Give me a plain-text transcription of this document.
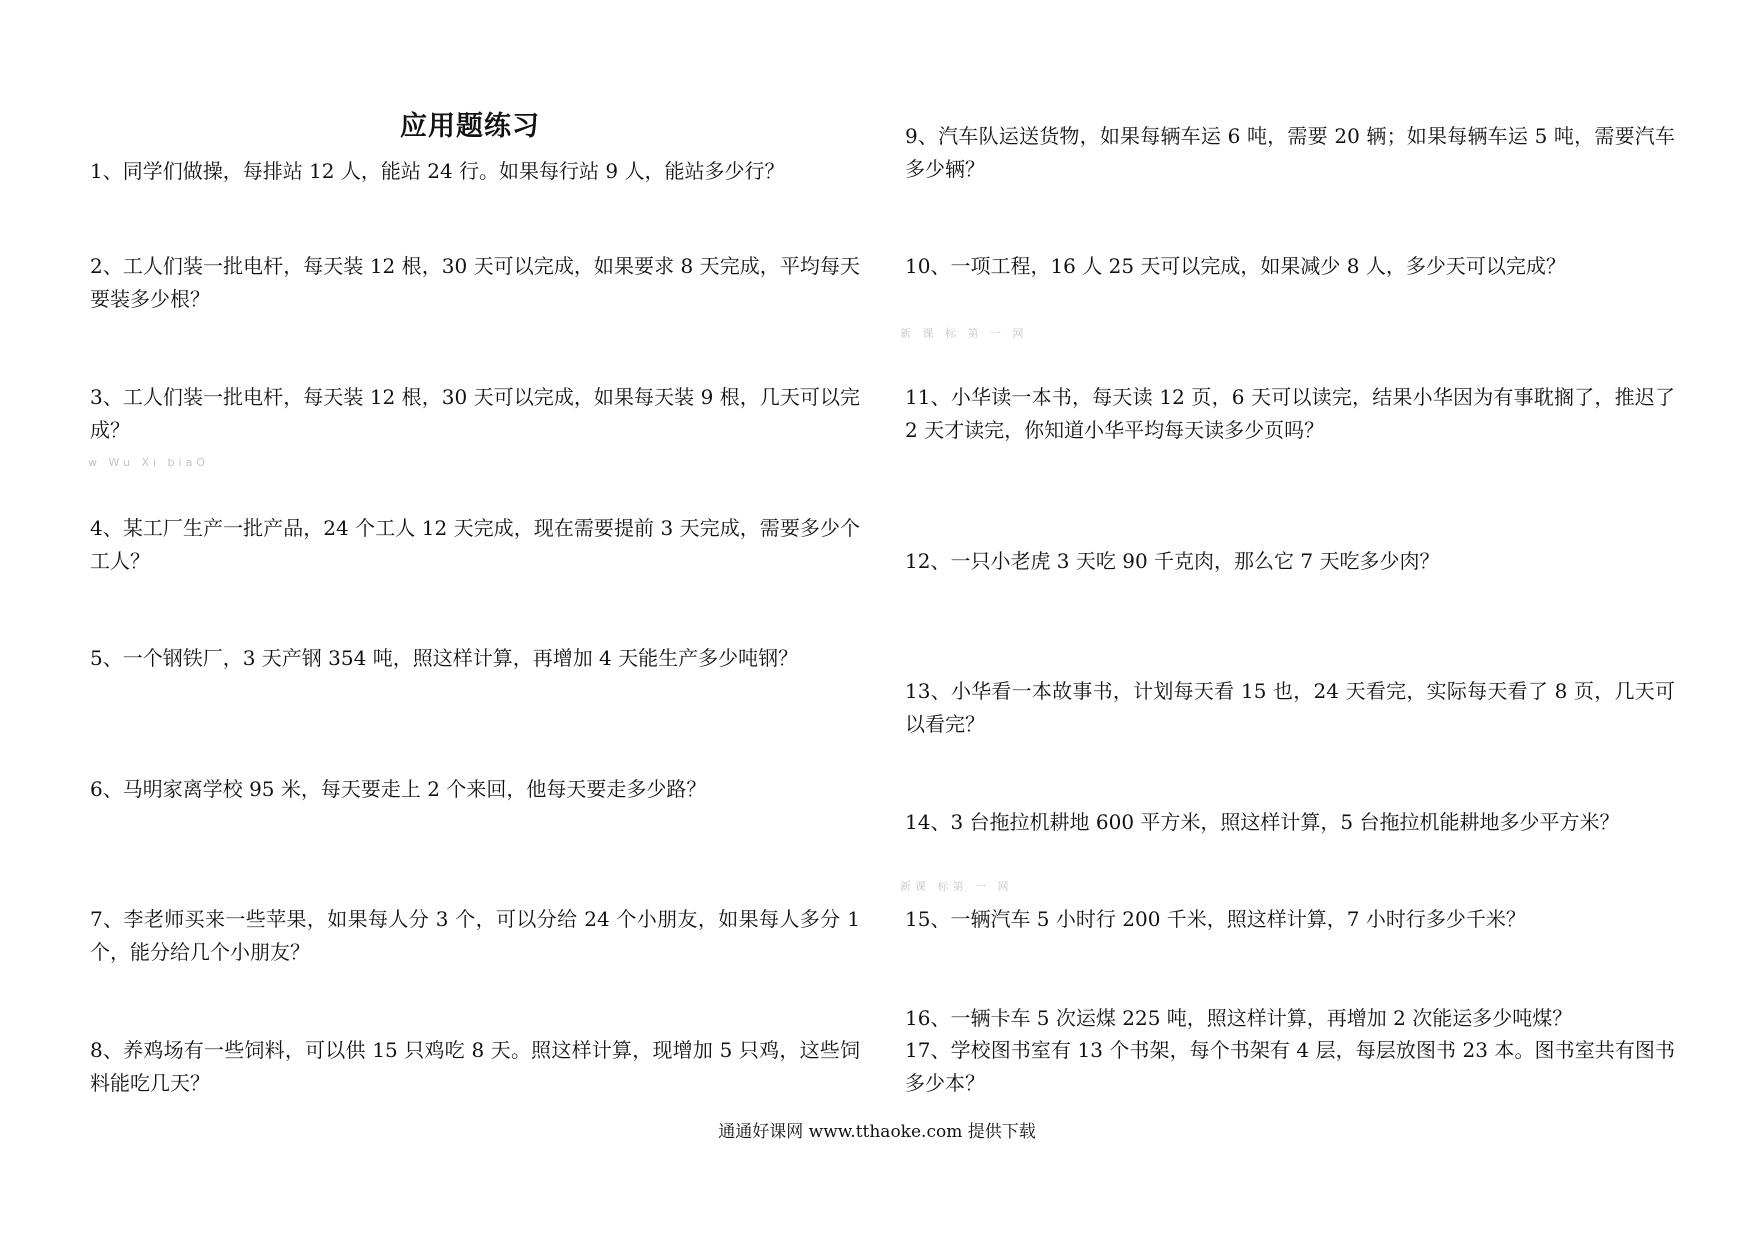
应用题练习

1、同学们做操，每排站 12 人，能站 24 行。如果每行站 9 人，能站多少行？

2、工人们装一批电杆，每天装 12 根，30 天可以完成，如果要求 8 天完成，平均每天要装多少根？

3、工人们装一批电杆，每天装 12 根，30 天可以完成，如果每天装 9 根，几天可以完成？

4、某工厂生产一批产品，24 个工人 12 天完成，现在需要提前 3 天完成，需要多少个工人？

5、一个钢铁厂，3 天产钢 354 吨，照这样计算，再增加 4 天能生产多少吨钢？

6、马明家离学校 95 米，每天要走上 2 个来回，他每天要走多少路？

7、李老师买来一些苹果，如果每人分 3 个，可以分给 24 个小朋友，如果每人多分 1 个，能分给几个小朋友？

8、养鸡场有一些饲料，可以供 15 只鸡吃 8 天。照这样计算，现增加 5 只鸡，这些饲料能吃几天？

9、汽车队运送货物，如果每辆车运 6 吨，需要 20 辆；如果每辆车运 5 吨，需要汽车多少辆？

10、一项工程，16 人 25 天可以完成，如果减少 8 人，多少天可以完成？

11、小华读一本书，每天读 12 页，6 天可以读完，结果小华因为有事耽搁了，推迟了 2 天才读完，你知道小华平均每天读多少页吗？

12、一只小老虎 3 天吃 90 千克肉，那么它 7 天吃多少肉？

13、小华看一本故事书，计划每天看 15 也，24 天看完，实际每天看了 8 页，几天可以看完？

14、3 台拖拉机耕地 600 平方米，照这样计算，5 台拖拉机能耕地多少平方米？

15、一辆汽车 5 小时行 200 千米，照这样计算，7 小时行多少千米？

16、一辆卡车 5 次运煤 225 吨，照这样计算，再增加 2 次能运多少吨煤？

17、学校图书室有 13 个书架，每个书架有 4 层，每层放图书 23 本。图书室共有图书多少本？

新 课 标 第 一 网
w Wu Xi biaO
新课 标第 一 网
通通好课网 www.tthaoke.com 提供下载
